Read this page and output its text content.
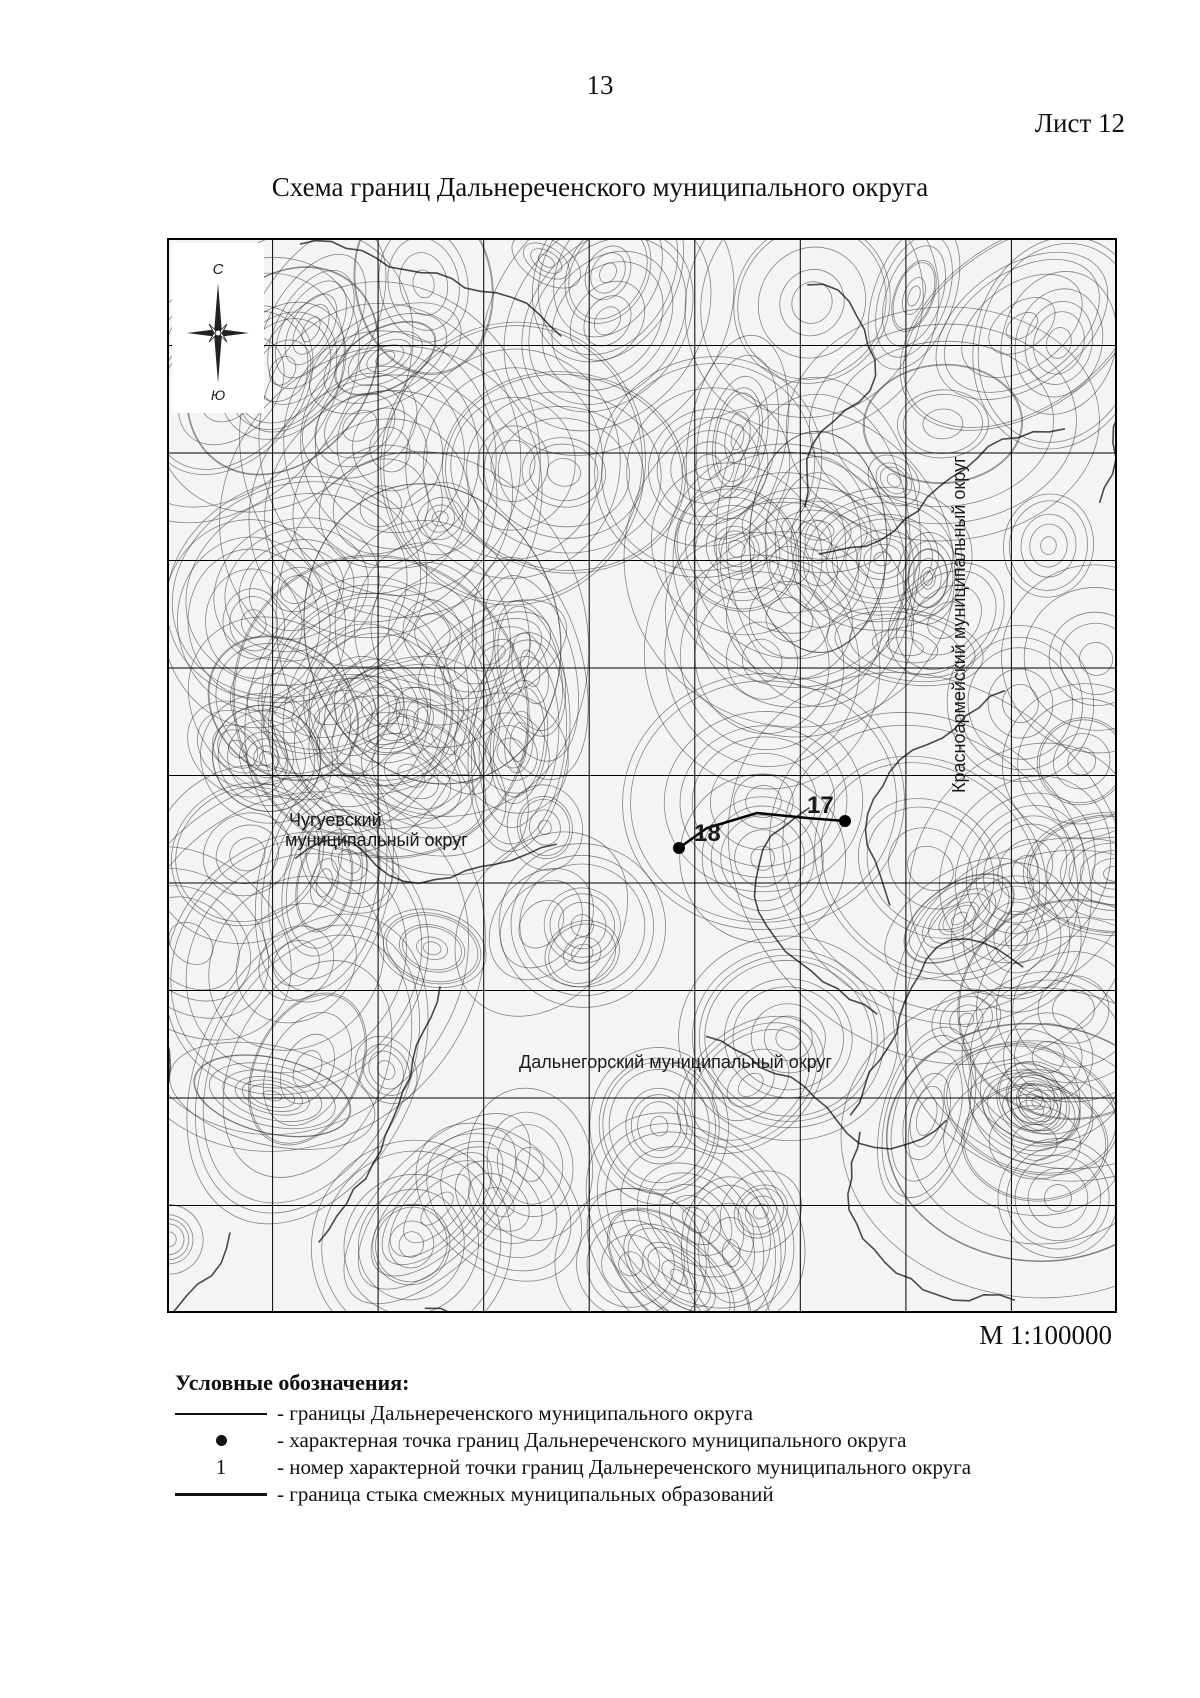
13
Лист 12
Схема границ Дальнереченского муниципального округа
С
Ю
Чугуевский
муниципальный округ
Дальнегорский муниципальный округ
Красноармейский муниципальный округ
17
18
М 1:100000
Условные обозначения:
- границы Дальнереченского муниципального округа
- характерная точка границ Дальнереченского муниципального округа
1	- номер характерной точки границ Дальнереченского муниципального округа
- граница стыка смежных муниципальных образований
